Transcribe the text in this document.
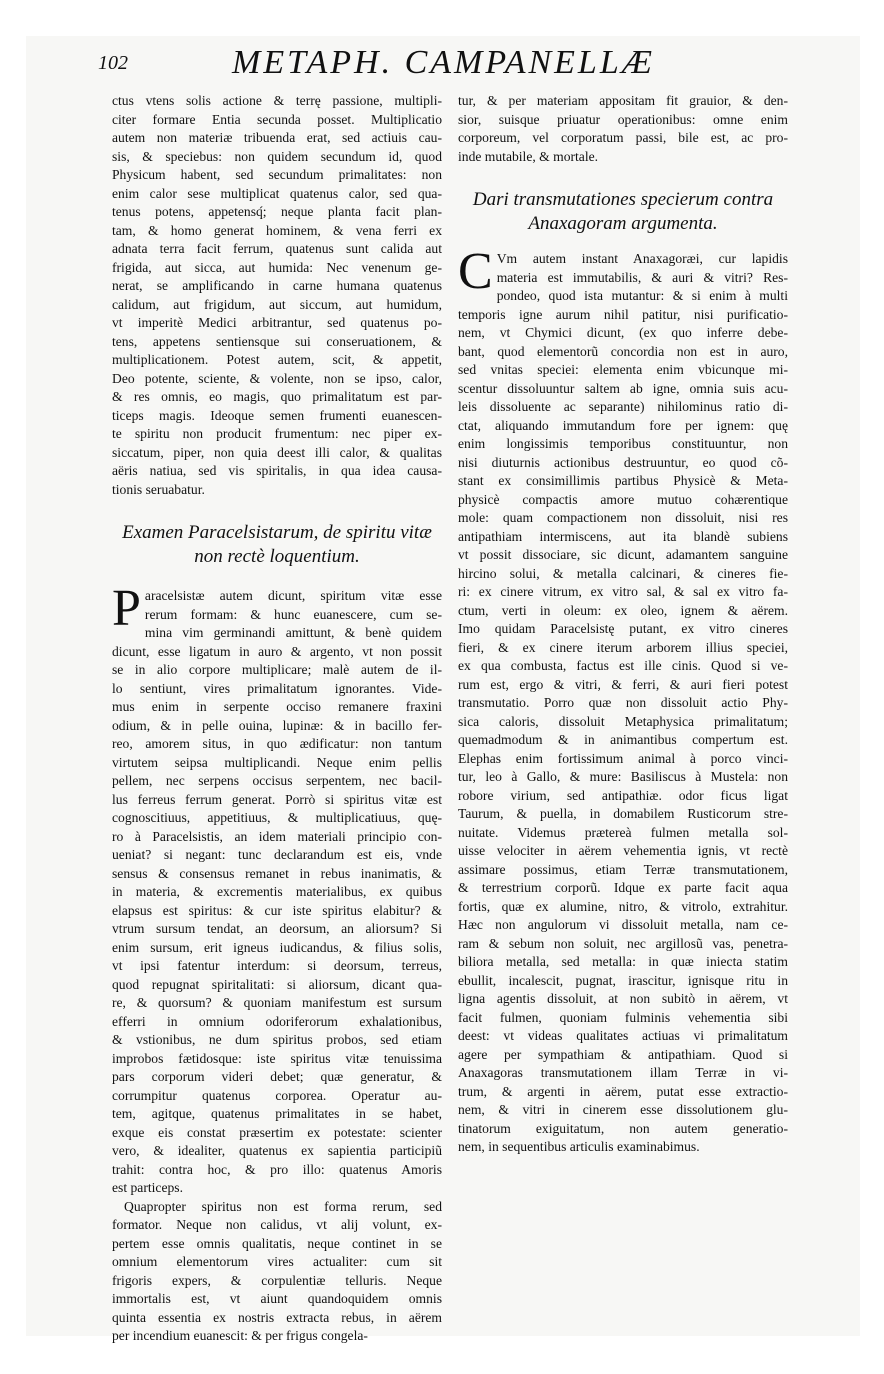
102	METAPH. CAMPANELLÆ
ctus vtens solis actione & terrę passione, multipli-
citer formare Entia secunda posset. Multiplicatio
autem non materiæ tribuenda erat, sed actiuis cau-
sis, & speciebus: non quidem secundum id, quod
Physicum habent, sed secundum primalitates: non
enim calor sese multiplicat quatenus calor, sed qua-
tenus potens, appetensq́; neque planta facit plan-
tam, & homo generat hominem, & vena ferri ex
adnata terra facit ferrum, quatenus sunt calida aut
frigida, aut sicca, aut humida: Nec venenum ge-
nerat, se amplificando in carne humana quatenus
calidum, aut frigidum, aut siccum, aut humidum,
vt imperitè Medici arbitrantur, sed quatenus po-
tens, appetens sentiensque sui conseruationem, &
multiplicationem. Potest autem, scit, & appetit,
Deo potente, sciente, & volente, non se ipso, calor,
& res omnis, eo magis, quo primalitatum est par-
ticeps magis. Ideoque semen frumenti euanescen-
te spiritu non producit frumentum: nec piper ex-
siccatum, piper, non quia deest illi calor, & qualitas
aëris natiua, sed vis spiritalis, in qua idea causa-
tionis seruabatur.
Examen Paracelsistarum, de spiritu vitæ
non rectè loquentium.
P aracelsistæ autem dicunt, spiritum vitæ esse
rerum formam: & hunc euanescere, cum se-
mina vim germinandi amittunt, & benè quidem
dicunt, esse ligatum in auro & argento, vt non possit
se in alio corpore multiplicare; malè autem de il-
lo sentiunt, vires primalitatum ignorantes. Vide-
mus enim in serpente occiso remanere fraxini
odium, & in pelle ouina, lupinæ: & in bacillo fer-
reo, amorem situs, in quo ædificatur: non tantum
virtutem seipsa multiplicandi. Neque enim pellis
pellem, nec serpens occisus serpentem, nec bacil-
lus ferreus ferrum generat. Porrò si spiritus vitæ est
cognoscitiuus, appetitiuus, & multiplicatiuus, quę-
ro à Paracelsistis, an idem materiali principio con-
ueniat? si negant: tunc declarandum est eis, vnde
sensus & consensus remanet in rebus inanimatis, &
in materia, & excrementis materialibus, ex quibus
elapsus est spiritus: & cur iste spiritus elabitur? &
vtrum sursum tendat, an deorsum, an aliorsum? Si
enim sursum, erit igneus iudicandus, & filius solis,
vt ipsi fatentur interdum: si deorsum, terreus,
quod repugnat spiritalitati: si aliorsum, dicant qua-
re, & quorsum? & quoniam manifestum est sursum
efferri in omnium odoriferorum exhalationibus,
& vstionibus, ne dum spiritus probos, sed etiam
improbos fætidosque: iste spiritus vitæ tenuissima
pars corporum videri debet; quæ generatur, &
corrumpitur quatenus corporea. Operatur au-
tem, agitque, quatenus primalitates in se habet,
exque eis constat præsertim ex potestate: scienter
vero, & idealiter, quatenus ex sapientia participiũ
trahit: contra hoc, & pro illo: quatenus Amoris
est particeps.
Quapropter spiritus non est forma rerum, sed
formator. Neque non calidus, vt alij volunt, ex-
pertem esse omnis qualitatis, neque continet in se
omnium elementorum vires actualiter: cum sit
frigoris expers, & corpulentiæ telluris. Neque
immortalis est, vt aiunt quandoquidem omnis
quinta essentia ex nostris extracta rebus, in aërem
per incendium euanescit: & per frigus congela-
tur, & per materiam appositam fit grauior, & den-
sior, suisque priuatur operationibus: omne enim
corporeum, vel corporatum passi, bile est, ac pro-
inde mutabile, & mortale.
Dari transmutationes specierum contra
Anaxagoram argumenta.
C Vm autem instant Anaxagoræi, cur lapidis
materia est immutabilis, & auri & vitri? Res-
pondeo, quod ista mutantur: & si enim à multi
temporis igne aurum nihil patitur, nisi purificatio-
nem, vt Chymici dicunt, (ex quo inferre debe-
bant, quod elementorũ concordia non est in auro,
sed vnitas speciei: elementa enim vbicunque mi-
scentur dissoluuntur saltem ab igne, omnia suis acu-
leis dissoluente ac separante) nihilominus ratio di-
ctat, aliquando immutandum fore per ignem: quę
enim longissimis temporibus constituuntur, non
nisi diuturnis actionibus destruuntur, eo quod cõ-
stant ex consimillimis partibus Physicè & Meta-
physicè compactis amore mutuo cohærentique
mole: quam compactionem non dissoluit, nisi res
antipathiam intermiscens, aut ita blandè subiens
vt possit dissociare, sic dicunt, adamantem sanguine
hircino solui, & metalla calcinari, & cineres fie-
ri: ex cinere vitrum, ex vitro sal, & sal ex vitro fa-
ctum, verti in oleum: ex oleo, ignem & aërem.
Imo quidam Paracelsistę putant, ex vitro cineres
fieri, & ex cinere iterum arborem illius speciei,
ex qua combusta, factus est ille cinis. Quod si ve-
rum est, ergo & vitri, & ferri, & auri fieri potest
transmutatio. Porro quæ non dissoluit actio Phy-
sica caloris, dissoluit Metaphysica primalitatum;
quemadmodum & in animantibus compertum est.
Elephas enim fortissimum animal à porco vinci-
tur, leo à Gallo, & mure: Basiliscus à Mustela: non
robore virium, sed antipathiæ. odor ficus ligat
Taurum, & puella, in domabilem Rusticorum stre-
nuitate. Videmus prætereà fulmen metalla sol-
uisse velociter in aërem vehementia ignis, vt rectè
assimare possimus, etiam Terræ transmutationem,
& terrestrium corporũ. Idque ex parte facit aqua
fortis, quæ ex alumine, nitro, & vitrolo, extrahitur.
Hæc non angulorum vi dissoluit metalla, nam ce-
ram & sebum non soluit, nec argillosũ vas, penetra-
biliora metalla, sed metalla: in quæ iniecta statim
ebullit, incalescit, pugnat, irascitur, ignisque ritu in
ligna agentis dissoluit, at non subitò in aërem, vt
facit fulmen, quoniam fulminis vehementia sibi
deest: vt videas qualitates actiuas vi primalitatum
agere per sympathiam & antipathiam. Quod si
Anaxagoras transmutationem illam Terræ in vi-
trum, & argenti in aërem, putat esse extractio-
nem, & vitri in cinerem esse dissolutionem glu-
tinatorum exiguitatum, non autem generatio-
nem, in sequentibus articulis examinabimus.
